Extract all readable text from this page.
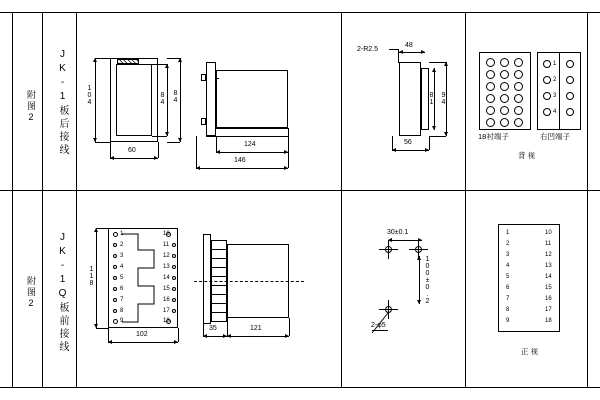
附图2	JK-1板后接线	104	84 84
60
124
146
2-R2.5
48
81 94
56
1
2
3
4
18衬端子	右凹端子
背 视
附图2	JK-1Q板前接线	1
2
3
4
5
6
7
8
9
10
11
12
13
14
15
16
17
18
118
102
35	121
30±0.1
100±0.2
2-φ5
1
2
3
4
5
6
7
8
9
10
11
12
13
14
15
16
17
18
正 视
